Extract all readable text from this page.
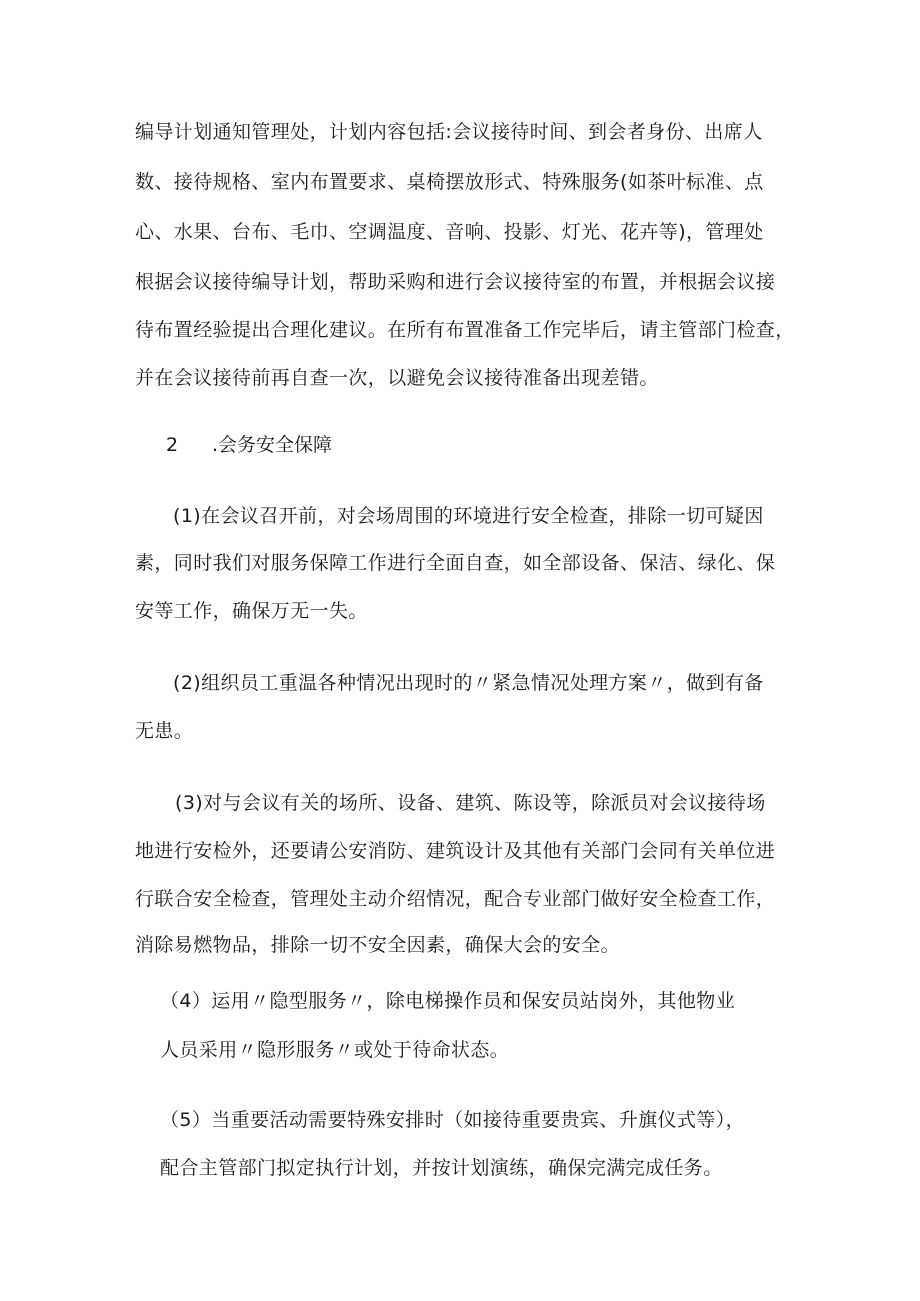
编导计划通知管理处，计划内容包括:会议接待时间、到会者身份、出席人
数、接待规格、室内布置要求、桌椅摆放形式、特殊服务(如茶叶标准、点
心、水果、台布、毛巾、空调温度、音响、投影、灯光、花卉等)，管理处
根据会议接待编导计划，帮助采购和进行会议接待室的布置，并根据会议接
待布置经验提出合理化建议。在所有布置准备工作完毕后，请主管部门检查，
并在会议接待前再自查一次，以避免会议接待准备出现差错。
2 .会务安全保障
(1)在会议召开前，对会场周围的环境进行安全检查，排除一切可疑因
素，同时我们对服务保障工作进行全面自查，如全部设备、保洁、绿化、保
安等工作，确保万无一失。
(2)组织员工重温各种情况出现时的〃紧急情况处理方案〃，做到有备
无患。
(3)对与会议有关的场所、设备、建筑、陈设等，除派员对会议接待场
地进行安检外，还要请公安消防、建筑设计及其他有关部门会同有关单位进
行联合安全检查，管理处主动介绍情况，配合专业部门做好安全检查工作，
消除易燃物品，排除一切不安全因素，确保大会的安全。
（4）运用〃隐型服务〃，除电梯操作员和保安员站岗外，其他物业
人员采用〃隐形服务〃或处于待命状态。
（5）当重要活动需要特殊安排时（如接待重要贵宾、升旗仪式等），
配合主管部门拟定执行计划，并按计划演练，确保完满完成任务。
